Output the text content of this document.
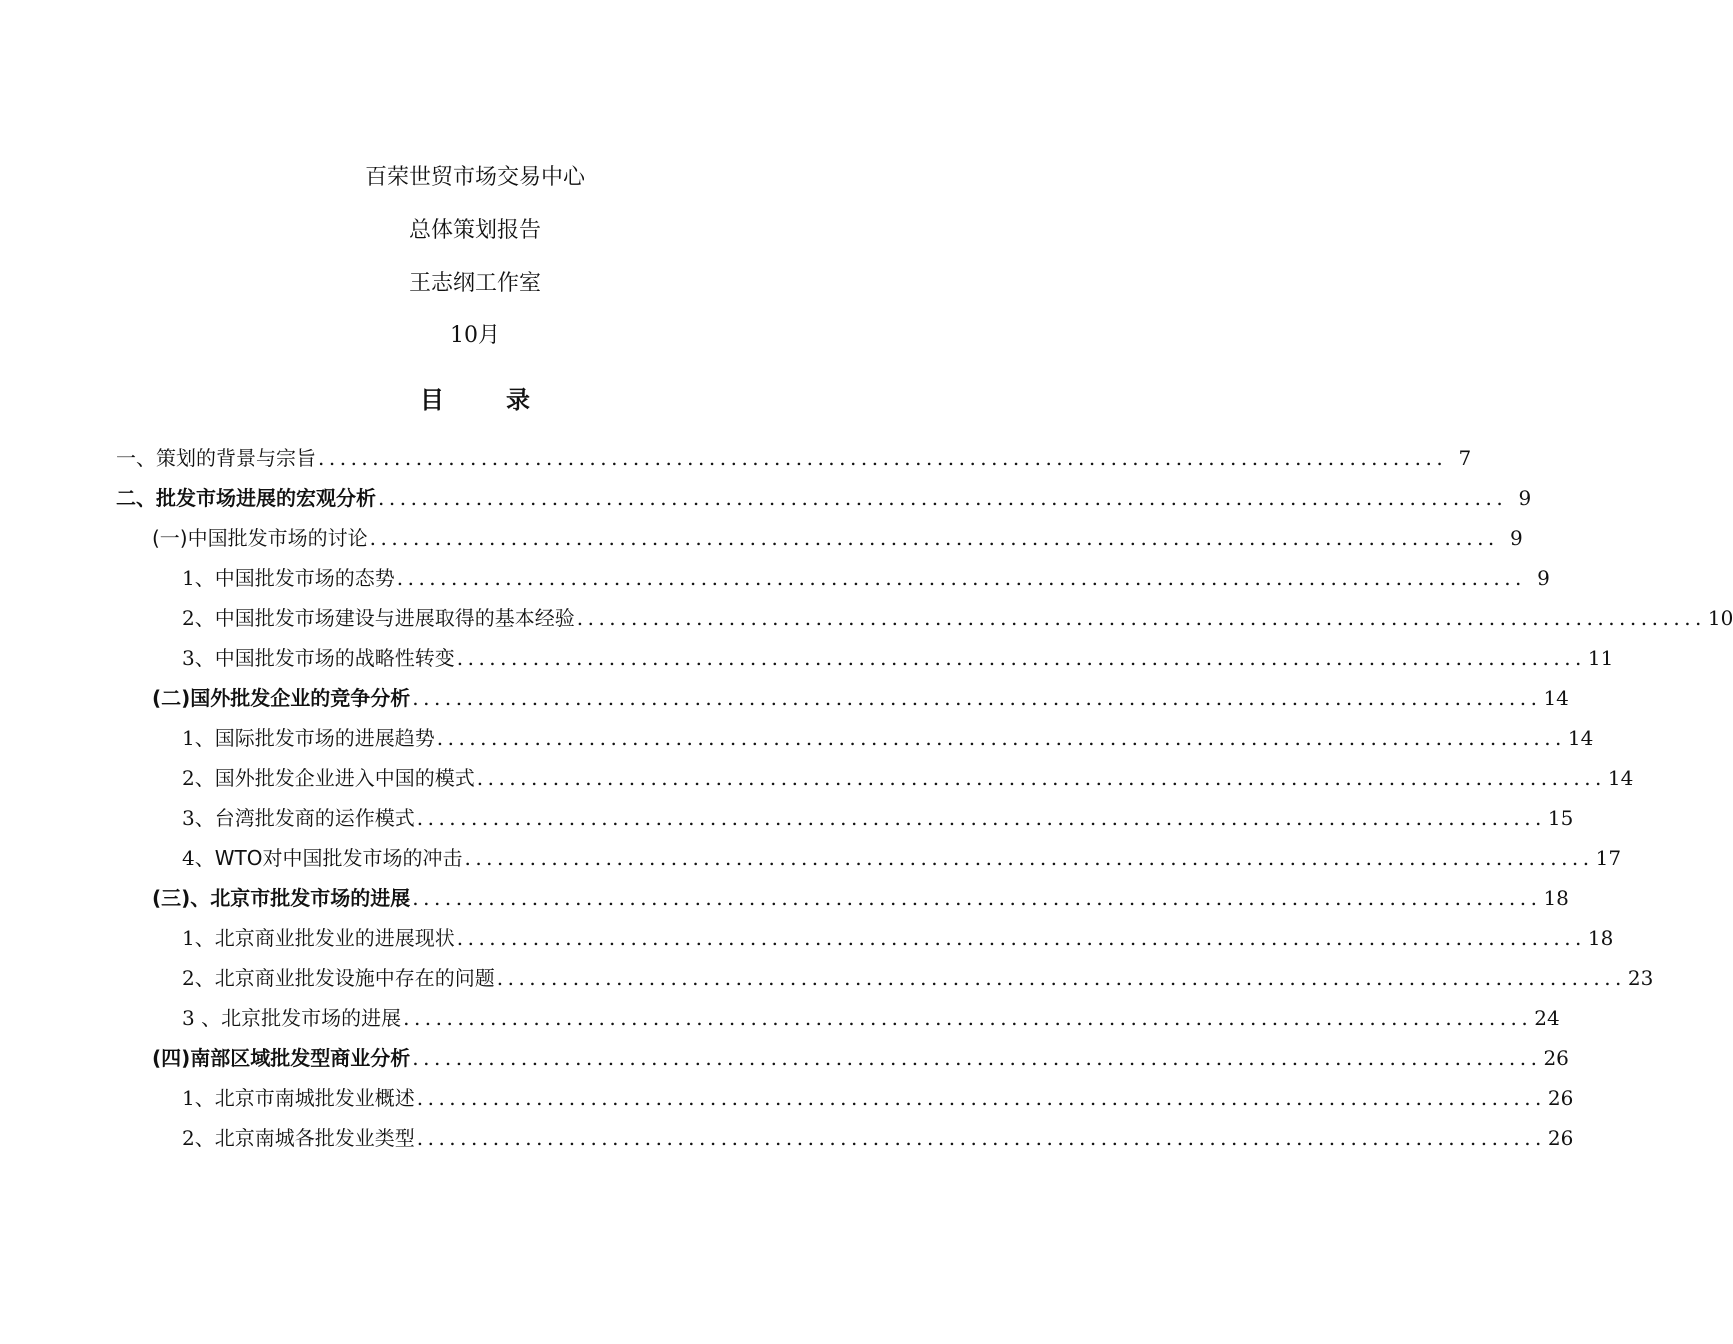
百荣世贸市场交易中心
总体策划报告
王志纲工作室
10月
目录
一、策划的背景与宗旨 ........................................................................................................ 7
二、批发市场进展的宏观分析 ........................................................................................................ 9
(一)中国批发市场的讨论 ........................................................................................................ 9
1、中国批发市场的态势 ........................................................................................................ 9
2、中国批发市场建设与进展取得的基本经验 ........................................................................................................ 10
3、中国批发市场的战略性转变 ........................................................................................................ 11
(二)国外批发企业的竞争分析 ........................................................................................................ 14
1、国际批发市场的进展趋势 ........................................................................................................ 14
2、国外批发企业进入中国的模式 ........................................................................................................ 14
3、台湾批发商的运作模式 ........................................................................................................ 15
4、WTO对中国批发市场的冲击 ........................................................................................................ 17
(三)、北京市批发市场的进展 ........................................................................................................ 18
1、北京商业批发业的进展现状 ........................................................................................................ 18
2、北京商业批发设施中存在的问题 ........................................................................................................ 23
3 、北京批发市场的进展 ........................................................................................................ 24
(四)南部区域批发型商业分析 ........................................................................................................ 26
1、北京市南城批发业概述 ........................................................................................................ 26
2、北京南城各批发业类型 ........................................................................................................ 26
